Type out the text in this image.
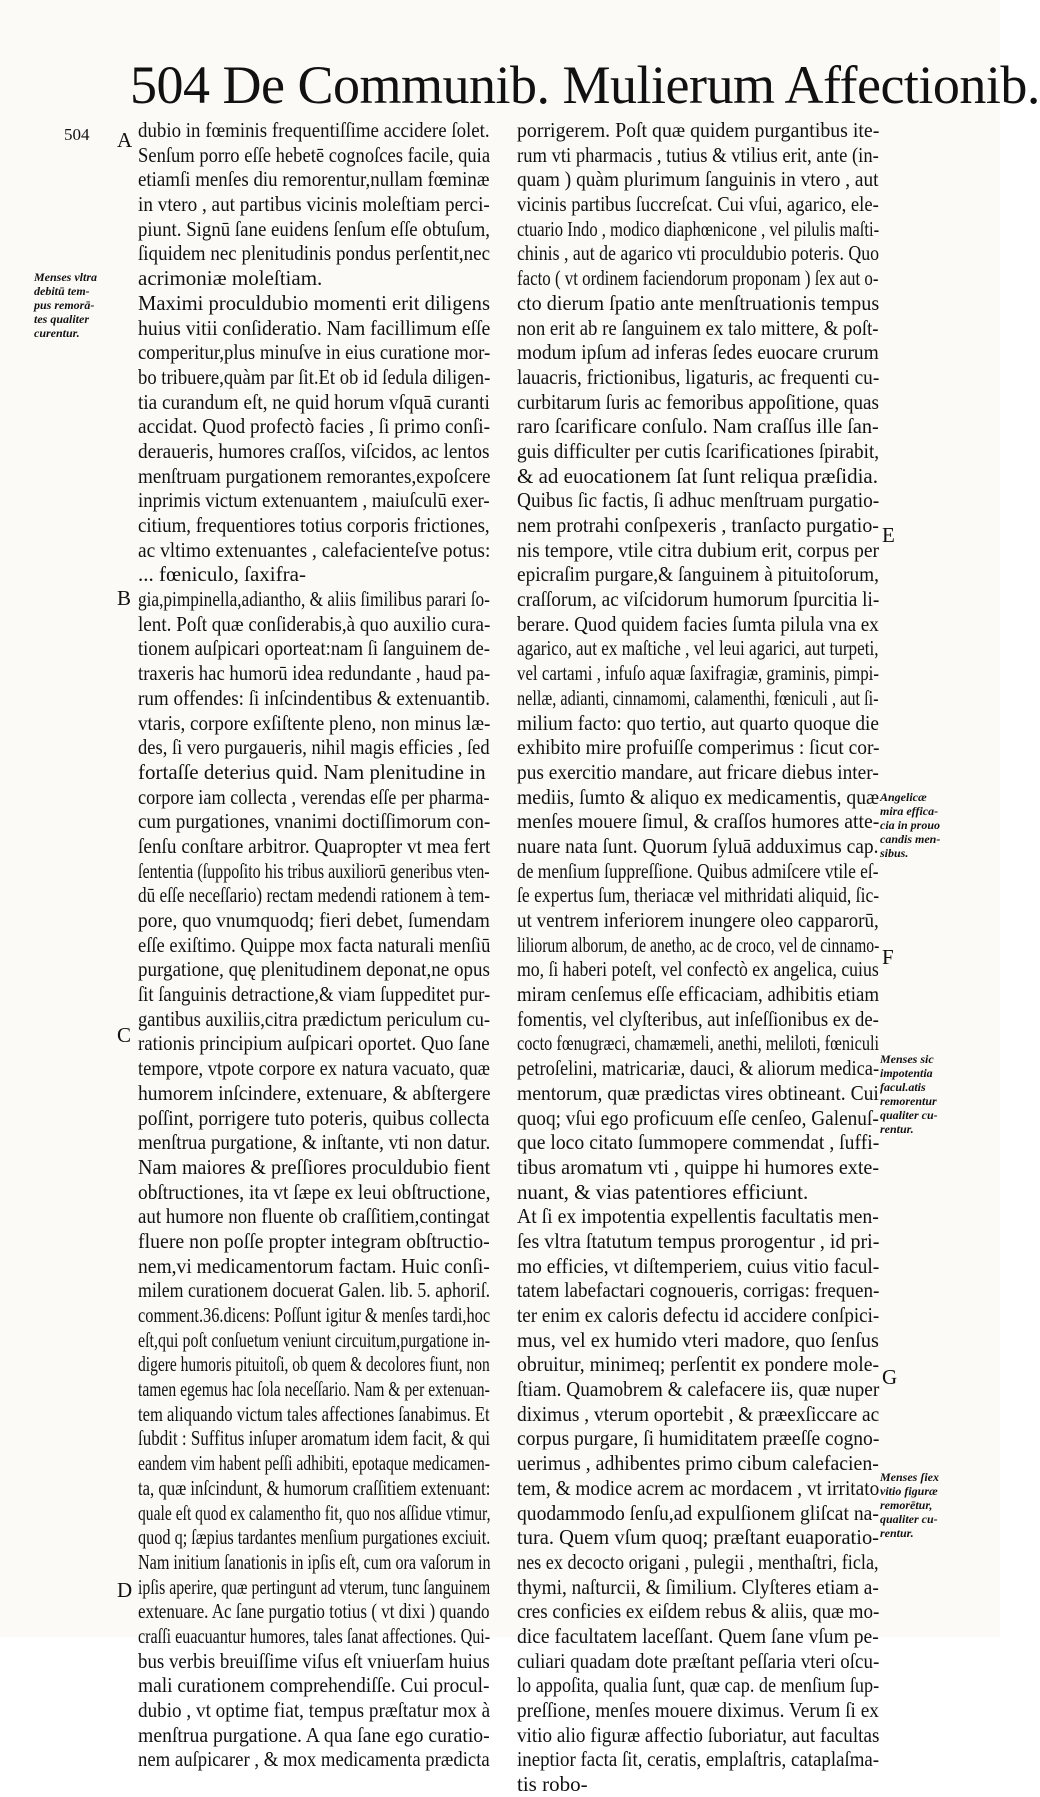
504 De Communib. Mulierum Affectionib.
504 A
B
C
D
E
F
G
Menses vltra
debitū tem-
pus remorā-
tes qualiter
curentur.
Angelicæ
mira effica-
cia in prouo
candis men-
sibus.
Menses sic
impotentia
facul.atis
remorentur
qualiter cu-
rentur.
Menses ſiex
vitio figuræ
remorētur,
qualiter cu-
rentur.
dubio in fœminis frequentiſſime accidere ſolet.
Senſum porro eſſe hebetē cognoſces facile, quia
etiamſi menſes diu remorentur,nullam fœminæ
in vtero , aut partibus vicinis moleſtiam perci-
piunt. Signū ſane euidens ſenſum eſſe obtuſum,
ſiquidem nec plenitudinis pondus perſentit,nec
acrimoniæ moleſtiam.
Maximi proculdubio momenti erit diligens
huius vitii conſideratio. Nam facillimum eſſe
comperitur,plus minuſve in eius curatione mor-
bo tribuere,quàm par ſit.Et ob id ſedula diligen-
tia curandum eſt, ne quid horum vſquā curanti
accidat. Quod profectò facies , ſi primo conſi-
deraueris, humores craſſos, viſcidos, ac lentos
menſtruam purgationem remorantes,expoſcere
inprimis victum extenuantem , maiuſculū exer-
citium, frequentiores totius corporis frictiones,
ac vltimo extenuantes , calefacienteſve potus:
... fœniculo, ſaxifra-
gia,pimpinella,adiantho, & aliis ſimilibus parari ſo-
lent. Poſt quæ conſiderabis,à quo auxilio cura-
tionem auſpicari oporteat:nam ſi ſanguinem de-
traxeris hac humorū idea redundante , haud pa-
rum offendes: ſi inſcindentibus & extenuantib.
vtaris, corpore exſiſtente pleno, non minus læ-
des, ſi vero purgaueris, nihil magis efficies , ſed
fortaſſe deterius quid. Nam plenitudine in
corpore iam collecta , verendas eſſe per pharma-
cum purgationes, vnanimi doctiſſimorum con-
ſenſu conſtare arbitror. Quapropter vt mea fert
ſententia (ſuppoſito his tribus auxiliorū generibus vten-
dū eſſe neceſſario) rectam medendi rationem à tem-
pore, quo vnumquodq; fieri debet, ſumendam
eſſe exiſtimo. Quippe mox facta naturali menſiū
purgatione, quę plenitudinem deponat,ne opus
ſit ſanguinis detractione,& viam ſuppeditet pur-
gantibus auxiliis,citra prædictum periculum cu-
rationis principium auſpicari oportet. Quo ſane
tempore, vtpote corpore ex natura vacuato, quæ
humorem inſcindere, extenuare, & abſtergere
poſſint, porrigere tuto poteris, quibus collecta
menſtrua purgatione, & inſtante, vti non datur.
Nam maiores & preſſiores proculdubio fient
obſtructiones, ita vt ſæpe ex leui obſtructione,
aut humore non fluente ob craſſitiem,contingat
fluere non poſſe propter integram obſtructio-
nem,vi medicamentorum factam. Huic conſi-
milem curationem docuerat Galen. lib. 5. aphoriſ.
comment.36.dicens: Poſſunt igitur & menſes tardi,hoc
eſt,qui poſt conſuetum veniunt circuitum,purgatione in-
digere humoris pituitoſi, ob quem & decolores fiunt, non
tamen egemus hac ſola neceſſario. Nam & per extenuan-
tem aliquando victum tales affectiones ſanabimus. Et
ſubdit : Suffitus inſuper aromatum idem facit, & qui
eandem vim habent peſſi adhibiti, epotaque medicamen-
ta, quæ inſcindunt, & humorum craſſitiem extenuant:
quale eſt quod ex calamentho fit, quo nos aſſidue vtimur,
quod q; ſæpius tardantes menſium purgationes exciuit.
Nam initium ſanationis in ipſis eſt, cum ora vaſorum in
ipſis aperire, quæ pertingunt ad vterum, tunc ſanguinem
extenuare. Ac ſane purgatio totius ( vt dixi ) quando
craſſi euacuantur humores, tales ſanat affectiones. Qui-
bus verbis breuiſſime viſus eſt vniuerſam huius
mali curationem comprehendiſſe. Cui procul-
dubio , vt optime fiat, tempus præſtatur mox à
menſtrua purgatione. A qua ſane ego curatio-
nem auſpicarer , & mox medicamenta prædicta
porrigerem. Poſt quæ quidem purgantibus ite-
rum vti pharmacis , tutius & vtilius erit, ante (in-
quam ) quàm plurimum ſanguinis in vtero , aut
vicinis partibus ſuccreſcat. Cui vſui, agarico, ele-
ctuario Indo , modico diaphœnicone , vel pilulis maſti-
chinis , aut de agarico vti proculdubio poteris. Quo
facto ( vt ordinem faciendorum proponam ) ſex aut o-
cto dierum ſpatio ante menſtruationis tempus
non erit ab re ſanguinem ex talo mittere, & poſt-
modum ipſum ad inferas ſedes euocare crurum
lauacris, frictionibus, ligaturis, ac frequenti cu-
curbitarum ſuris ac femoribus appoſitione, quas
raro ſcarificare conſulo. Nam craſſus ille ſan-
guis difficulter per cutis ſcarificationes ſpirabit,
& ad euocationem ſat ſunt reliqua præſidia.
Quibus ſic factis, ſi adhuc menſtruam purgatio-
nem protrahi conſpexeris , tranſacto purgatio-
nis tempore, vtile citra dubium erit, corpus per
epicraſim purgare,& ſanguinem à pituitoſorum,
craſſorum, ac viſcidorum humorum ſpurcitia li-
berare. Quod quidem facies ſumta pilula vna ex
agarico, aut ex maſtiche , vel leui agarici, aut turpeti,
vel cartami , infuſo aquæ ſaxifragiæ, graminis, pimpi-
nellæ, adianti, cinnamomi, calamenthi, fœniculi , aut ſi-
milium facto: quo tertio, aut quarto quoque die
exhibito mire profuiſſe comperimus : ſicut cor-
pus exercitio mandare, aut fricare diebus inter-
mediis, ſumto & aliquo ex medicamentis, quæ
menſes mouere ſimul, & craſſos humores atte-
nuare nata ſunt. Quorum ſyluā adduximus cap.
de menſium ſuppreſſione. Quibus admiſcere vtile eſ-
ſe expertus ſum, theriacæ vel mithridati aliquid, ſic-
ut ventrem inferiorem inungere oleo capparorū,
liliorum alborum, de anetho, ac de croco, vel de cinnamo-
mo, ſi haberi poteſt, vel confectò ex angelica, cuius
miram cenſemus eſſe efficaciam, adhibitis etiam
fomentis, vel clyſteribus, aut inſeſſionibus ex de-
cocto fœnugræci, chamæmeli, anethi, meliloti, fœniculi
petroſelini, matricariæ, dauci, & aliorum medica-
mentorum, quæ prædictas vires obtineant. Cui
quoq; vſui ego proficuum eſſe cenſeo, Galenuſ-
que loco citato ſummopere commendat , ſuffi-
tibus aromatum vti , quippe hi humores exte-
nuant, & vias patentiores efficiunt.
At ſi ex impotentia expellentis facultatis men-
ſes vltra ſtatutum tempus prorogentur , id pri-
mo efficies, vt diſtemperiem, cuius vitio facul-
tatem labefactari cognoueris, corrigas: frequen-
ter enim ex caloris defectu id accidere conſpici-
mus, vel ex humido vteri madore, quo ſenſus
obruitur, minimeq; perſentit ex pondere mole-
ſtiam. Quamobrem & calefacere iis, quæ nuper
diximus , vterum oportebit , & præexſiccare ac
corpus purgare, ſi humiditatem præeſſe cogno-
uerimus , adhibentes primo cibum calefacien-
tem, & modice acrem ac mordacem , vt irritato
quodammodo ſenſu,ad expulſionem gliſcat na-
tura. Quem vſum quoq; præſtant euaporatio-
nes ex decocto origani , pulegii , menthaſtri, ficla,
thymi, naſturcii, & ſimilium. Clyſteres etiam a-
cres conficies ex eiſdem rebus & aliis, quæ mo-
dice facultatem laceſſant. Quem ſane vſum pe-
culiari quadam dote præſtant peſſaria vteri oſcu-
lo appoſita, qualia ſunt, quæ cap. de menſium ſup-
preſſione, menſes mouere diximus. Verum ſi ex
vitio alio figuræ affectio ſuboriatur, aut facultas
ineptior facta ſit, ceratis, emplaſtris, cataplaſma-
tis robo-
